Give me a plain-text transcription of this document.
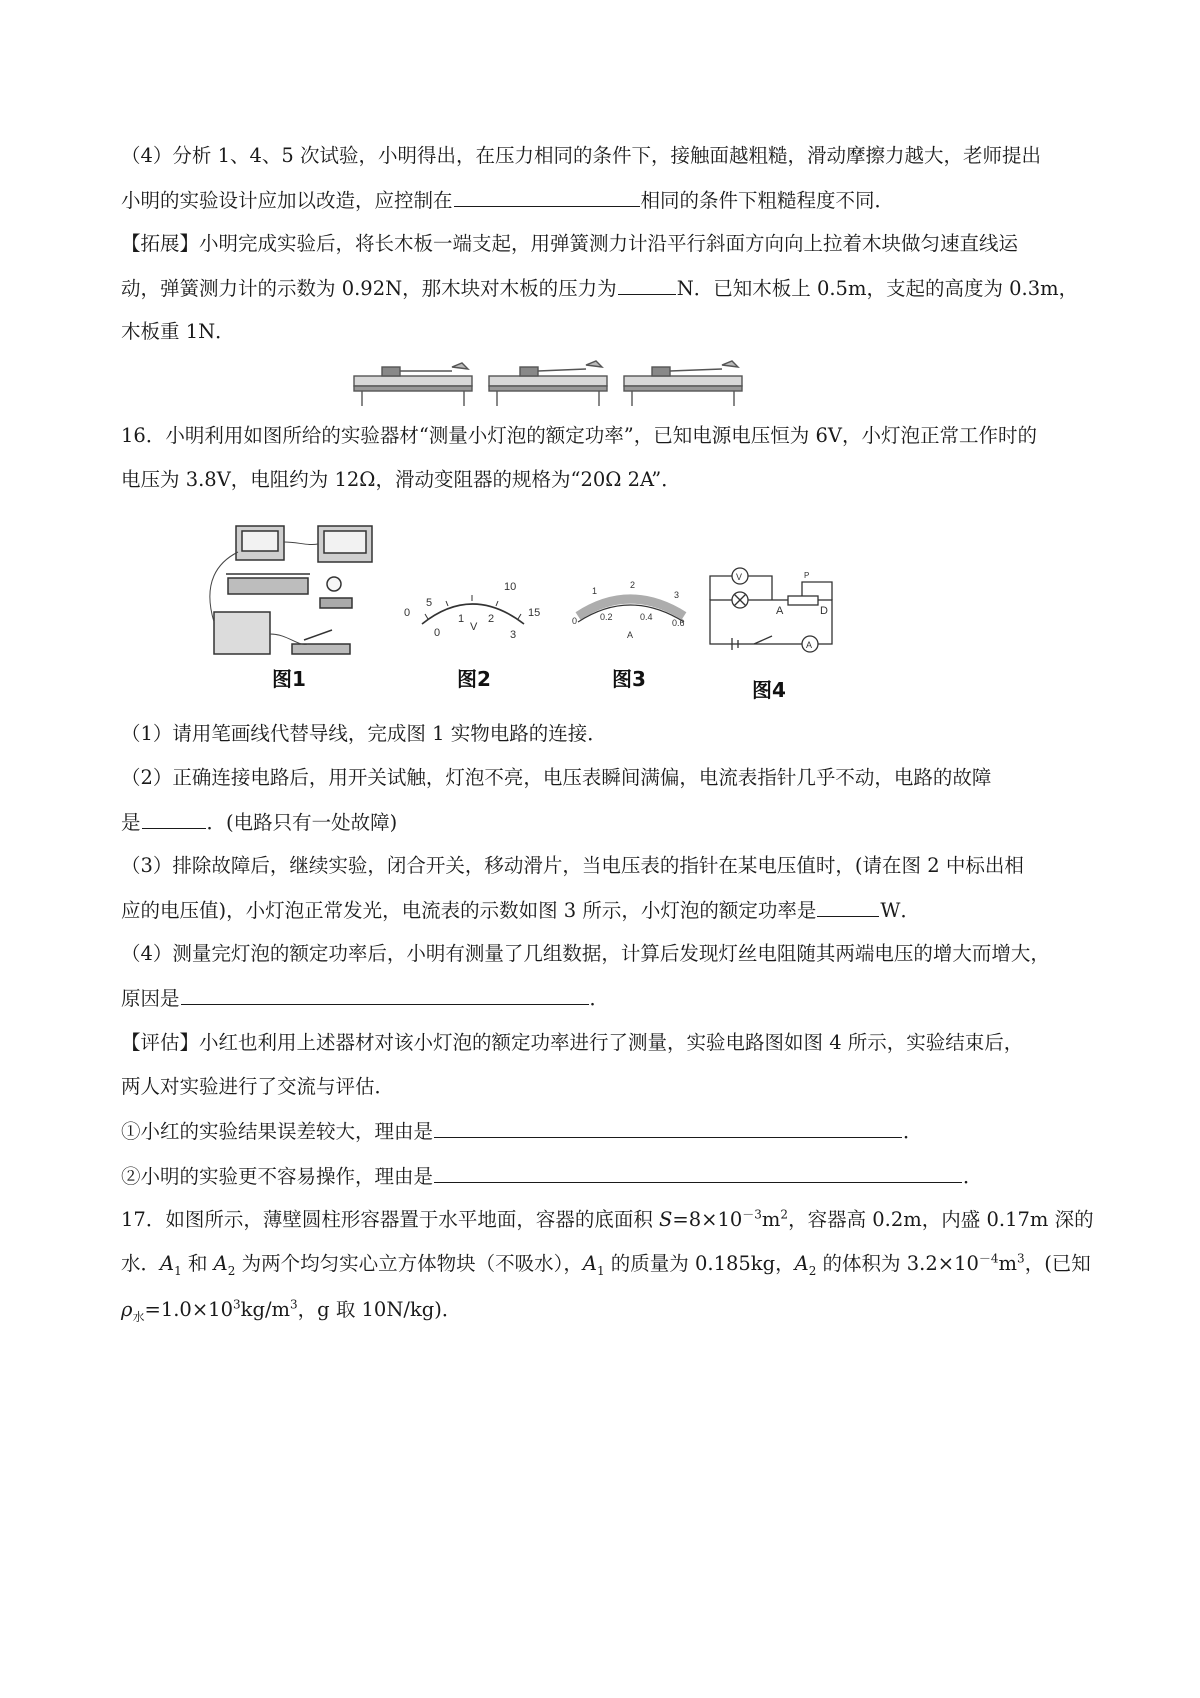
（4）分析 1、4、5 次试验，小明得出，在压力相同的条件下，接触面越粗糙，滑动摩擦力越大，老师提出
小明的实验设计应加以改造，应控制在	相同的条件下粗糙程度不同．
【拓展】小明完成实验后，将长木板一端支起，用弹簧测力计沿平行斜面方向向上拉着木块做匀速直线运
动，弹簧测力计的示数为 0.92N，那木块对木板的压力为	N．已知木板上 0.5m，支起的高度为 0.3m，
木板重 1N．
16．小明利用如图所给的实验器材“测量小灯泡的额定功率”，已知电源电压恒为 6V，小灯泡正常工作时的
电压为 3.8V，电阻约为 12Ω，滑动变阻器的规格为“20Ω 2A”．
图1
5
10
15
0
0
1
V
2
3
图2
1
2
3
0	0.2	0.4
0.6
A
图3
V
A
P
D
A
图4
（1）请用笔画线代替导线，完成图 1 实物电路的连接．
（2）正确连接电路后，用开关试触，灯泡不亮，电压表瞬间满偏，电流表指针几乎不动，电路的故障
是	．(电路只有一处故障)
（3）排除故障后，继续实验，闭合开关，移动滑片，当电压表的指针在某电压值时，(请在图 2 中标出相
应的电压值)，小灯泡正常发光，电流表的示数如图 3 所示，小灯泡的额定功率是	W．
（4）测量完灯泡的额定功率后，小明有测量了几组数据，计算后发现灯丝电阻随其两端电压的增大而增大，
原因是	．
【评估】小红也利用上述器材对该小灯泡的额定功率进行了测量，实验电路图如图 4 所示，实验结束后，
两人对实验进行了交流与评估．
①小红的实验结果误差较大，理由是	．
②小明的实验更不容易操作，理由是	．
17．如图所示，薄壁圆柱形容器置于水平地面，容器的底面积 $S=8\times 10^{-3}m^2$，容器高 0.2m，内盛 0.17m 深的
水．$A_1$ 和 $A_2$ 为两个均匀实心立方体物块（不吸水），$A_1$ 的质量为 0.185kg，$A_2$ 的体积为 $3.2\times 10^{-4}m^3$，(已知
$\rho_水=1.0\times 10^3kg/m^3$，g 取 10N/kg)．
